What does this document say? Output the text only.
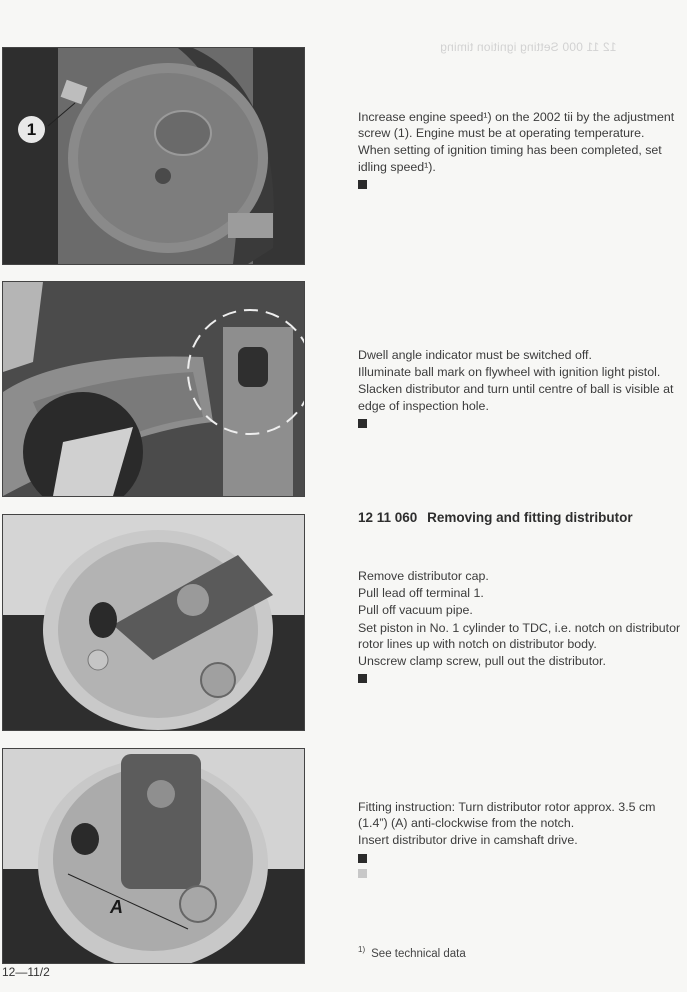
12 11 000 Setting ignition timing
1
A

Increase engine speed¹) on the 2002 tii by the adjustment screw (1). Engine must be at operating temperature.

When setting of ignition timing has been completed, set idling speed¹).

Dwell angle indicator must be switched off.

Illuminate ball mark on flywheel with ignition light pistol.

Slacken distributor and turn until centre of ball is visible at edge of inspection hole.

12 11 060 Removing and fitting distributor

Remove distributor cap.

Pull lead off terminal 1.

Pull off vacuum pipe.

Set piston in No. 1 cylinder to TDC, i.e. notch on distributor rotor lines up with notch on distributor body.

Unscrew clamp screw, pull out the distributor.

Fitting instruction: Turn distributor rotor approx. 3.5 cm (1.4”) (A) anti-clockwise from the notch.

Insert distributor drive in camshaft drive.

$^{1)}$ See technical data
12—11/2
